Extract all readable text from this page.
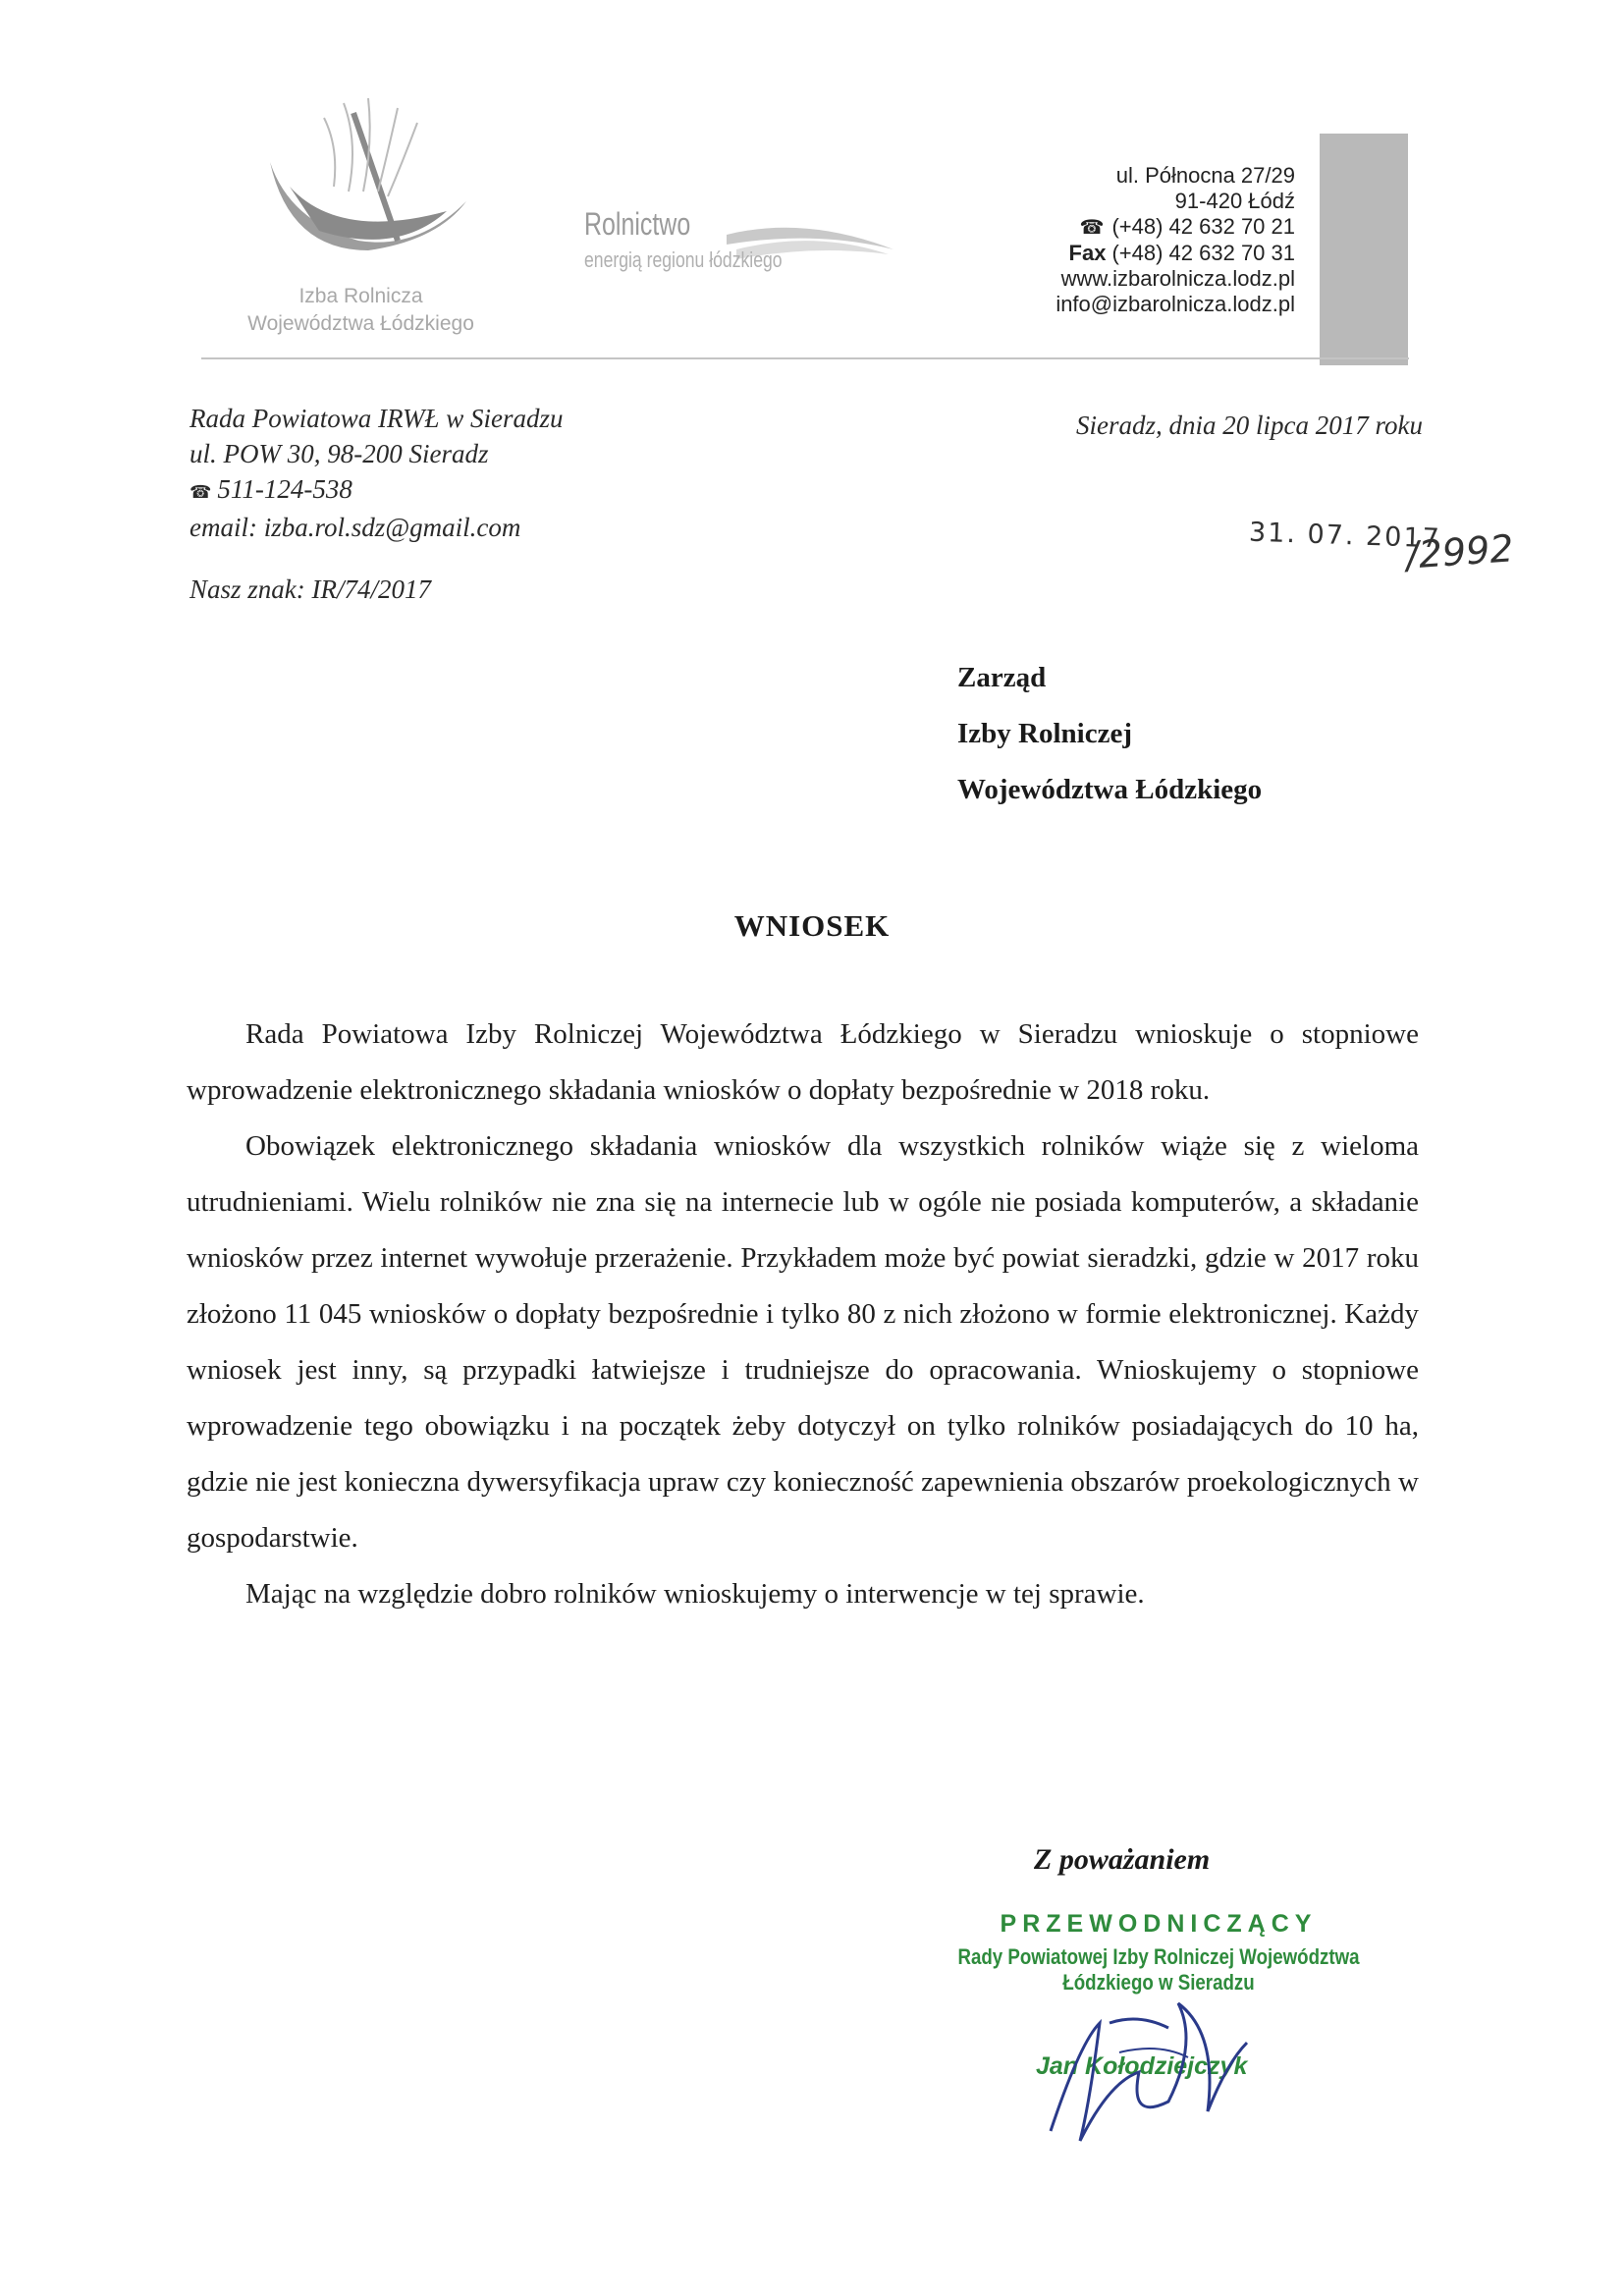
Izba Rolnicza
Województwa Łódzkiego
Rolnictwo
energią regionu łódzkiego
ul. Północna 27/29
91-420 Łódź
☎ (+48) 42 632 70 21
Fax (+48) 42 632 70 31
www.izbarolnicza.lodz.pl
info@izbarolnicza.lodz.pl
Rada Powiatowa IRWŁ w Sieradzu
ul. POW 30, 98-200 Sieradz
☎ 511-124-538
email: izba.rol.sdz@gmail.com
Nasz znak: IR/74/2017
Sieradz, dnia 20 lipca 2017 roku
31. 07. 2017
/2992
Zarząd
Izby Rolniczej
Województwa Łódzkiego
WNIOSEK

Rada Powiatowa Izby Rolniczej Województwa Łódzkiego w Sieradzu wnioskuje o stopniowe wprowadzenie elektronicznego składania wniosków o dopłaty bezpośrednie w 2018 roku.

Obowiązek elektronicznego składania wniosków dla wszystkich rolników wiąże się z wieloma utrudnieniami. Wielu rolników nie zna się na internecie lub w ogóle nie posiada komputerów, a składanie wniosków przez internet wywołuje przerażenie. Przykładem może być powiat sieradzki, gdzie w 2017 roku złożono 11 045 wniosków o dopłaty bezpośrednie i tylko 80 z nich złożono w formie elektronicznej. Każdy wniosek jest inny, są przypadki łatwiejsze i trudniejsze do opracowania. Wnioskujemy o stopniowe wprowadzenie tego obowiązku i na początek żeby dotyczył on tylko rolników posiadających do 10 ha, gdzie nie jest konieczna dywersyfikacja upraw czy konieczność zapewnienia obszarów proekologicznych w gospodarstwie.

Mając na względzie dobro rolników wnioskujemy o interwencje w tej sprawie.

Z poważaniem
PRZEWODNICZĄCY
Rady Powiatowej Izby Rolniczej Województwa
Łódzkiego w Sieradzu
Jan Kołodziejczyk
